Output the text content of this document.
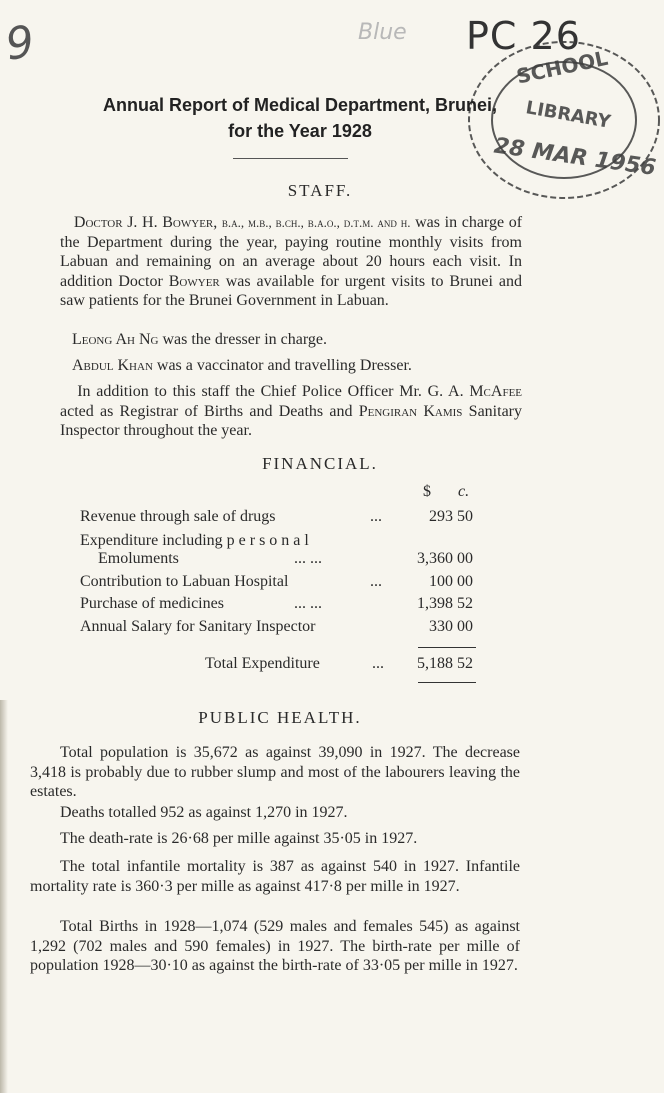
9	Blue PC 26
SCHOOL
LIBRARY
28 MAR 1956
Annual Report of Medical Department, Brunei,
for the Year 1928
STAFF.
Doctor J. H. Bowyer, b.a., m.b., b.ch., b.a.o., d.t.m. and h. was in charge of the Department during the year, paying routine monthly visits from Labuan and remaining on an average about 20 hours each visit. In addition Doctor Bowyer was available for urgent visits to Brunei and saw patients for the Brunei Government in Labuan.
Leong Ah Ng was the dresser in charge.
Abdul Khan was a vaccinator and travelling Dresser.
In addition to this staff the Chief Police Officer Mr. G. A. McAfee acted as Registrar of Births and Deaths and Pengiran Kamis Sanitary Inspector throughout the year.
FINANCIAL.
$ c.
Revenue through sale of drugs	...	293 50
Expenditure including p e r s o n a l
Emoluments	... ...	3,360 00
Contribution to Labuan Hospital	...	100 00
Purchase of medicines	... ...	1,398 52
Annual Salary for Sanitary Inspector	330 00
Total Expenditure	...	5,188 52
PUBLIC HEALTH.
Total population is 35,672 as against 39,090 in 1927. The decrease 3,418 is probably due to rubber slump and most of the labourers leaving the estates.
Deaths totalled 952 as against 1,270 in 1927.
The death-rate is 26·68 per mille against 35·05 in 1927.
The total infantile mortality is 387 as against 540 in 1927. Infantile mortality rate is 360·3 per mille as against 417·8 per mille in 1927.
Total Births in 1928—1,074 (529 males and females 545) as against 1,292 (702 males and 590 females) in 1927. The birth-rate per mille of population 1928—30·10 as against the birth-rate of 33·05 per mille in 1927.
